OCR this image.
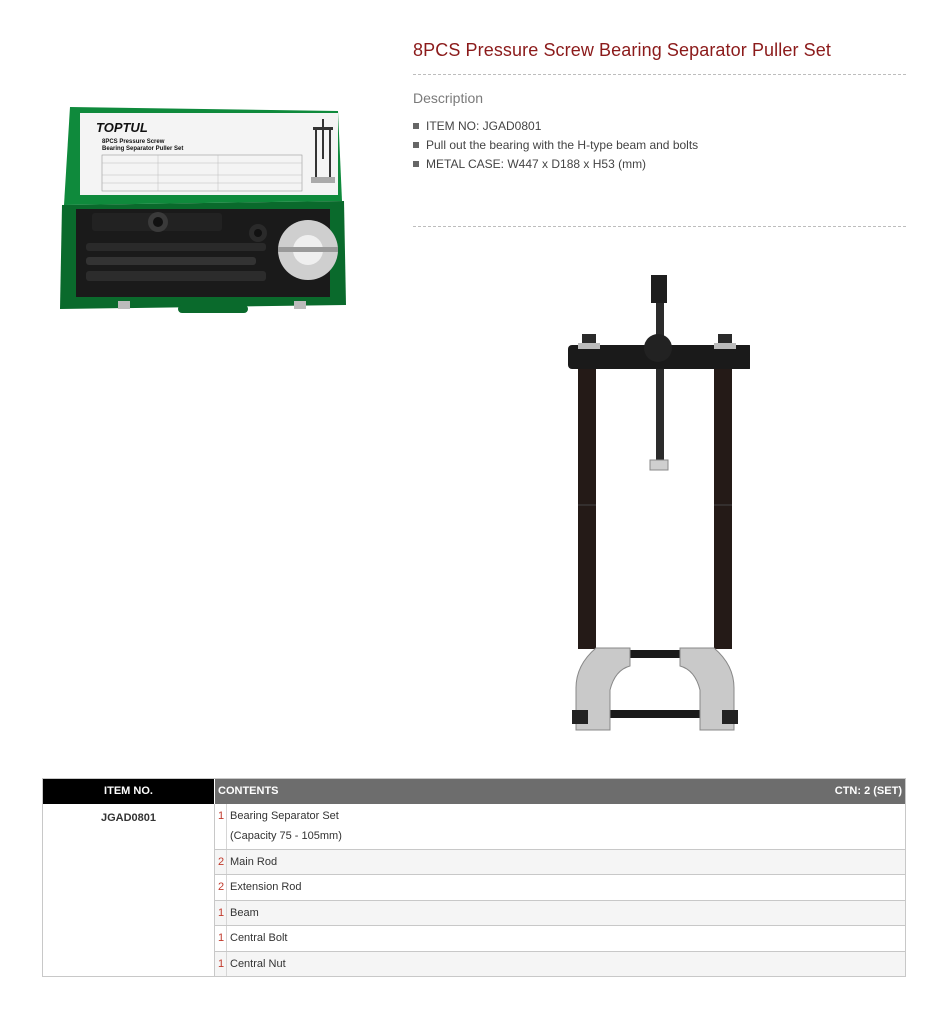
TOPTUL
8PCS Pressure Screw
Bearing Separator Puller Set
8PCS Pressure Screw Bearing Separator Puller Set
Description
ITEM NO: JGAD0801
Pull out the bearing with the H-type beam and bolts
METAL CASE: W447 x D188 x H53 (mm)
ITEM NO.	CONTENTS	CTN: 2 (SET)
JGAD0801	1 Bearing Separator Set
(Capacity 75 - 105mm)
2 Main Rod
2 Extension Rod
1 Beam
1 Central Bolt
1 Central Nut
